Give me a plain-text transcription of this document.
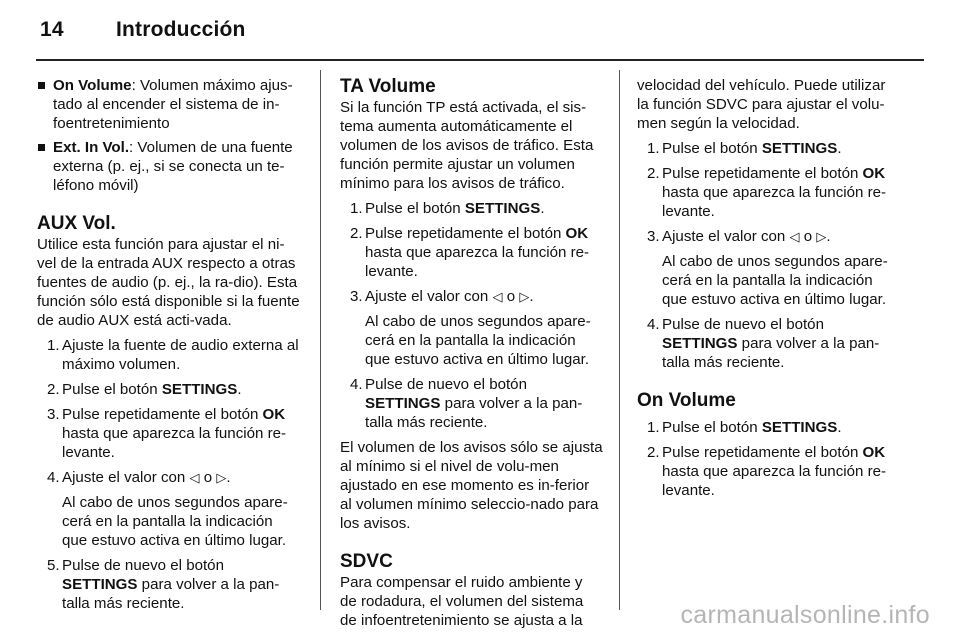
14 Introducción
On Volume: Volumen máximo ajus-tado al encender el sistema de in-foentretenimiento
Ext. In Vol.: Volumen de una fuente externa (p. ej., si se conecta un te-léfono móvil)
AUX Vol.

Utilice esta función para ajustar el ni-vel de la entrada AUX respecto a otras fuentes de audio (p. ej., la ra-dio). Esta función sólo está disponible si la fuente de audio AUX está acti-vada.

1. Ajuste la fuente de audio externa al máximo volumen.
2. Pulse el botón SETTINGS.
3. Pulse repetidamente el botón OK hasta que aparezca la función re-levante.
4. Ajuste el valor con ◁ o ▷.
Al cabo de unos segundos apare-cerá en la pantalla la indicación que estuvo activa en último lugar.
5. Pulse de nuevo el botón SETTINGS para volver a la pan-talla más reciente.
TA Volume

Si la función TP está activada, el sis-tema aumenta automáticamente el volumen de los avisos de tráfico. Esta función permite ajustar un volumen mínimo para los avisos de tráfico.

1. Pulse el botón SETTINGS.
2. Pulse repetidamente el botón OK hasta que aparezca la función re-levante.
3. Ajuste el valor con ◁ o ▷.
Al cabo de unos segundos apare-cerá en la pantalla la indicación que estuvo activa en último lugar.
4. Pulse de nuevo el botón SETTINGS para volver a la pan-talla más reciente.

El volumen de los avisos sólo se ajusta al mínimo si el nivel de volu-men ajustado en ese momento es in-ferior al volumen mínimo seleccio-nado para los avisos.

SDVC

Para compensar el ruido ambiente y de rodadura, el volumen del sistema de infoentretenimiento se ajusta a la

velocidad del vehículo. Puede utilizar la función SDVC para ajustar el volu-men según la velocidad.

1. Pulse el botón SETTINGS.
2. Pulse repetidamente el botón OK hasta que aparezca la función re-levante.
3. Ajuste el valor con ◁ o ▷.
Al cabo de unos segundos apare-cerá en la pantalla la indicación que estuvo activa en último lugar.
4. Pulse de nuevo el botón SETTINGS para volver a la pan-talla más reciente.
On Volume
1. Pulse el botón SETTINGS.
2. Pulse repetidamente el botón OK hasta que aparezca la función re-levante.
carmanualsonline.info
